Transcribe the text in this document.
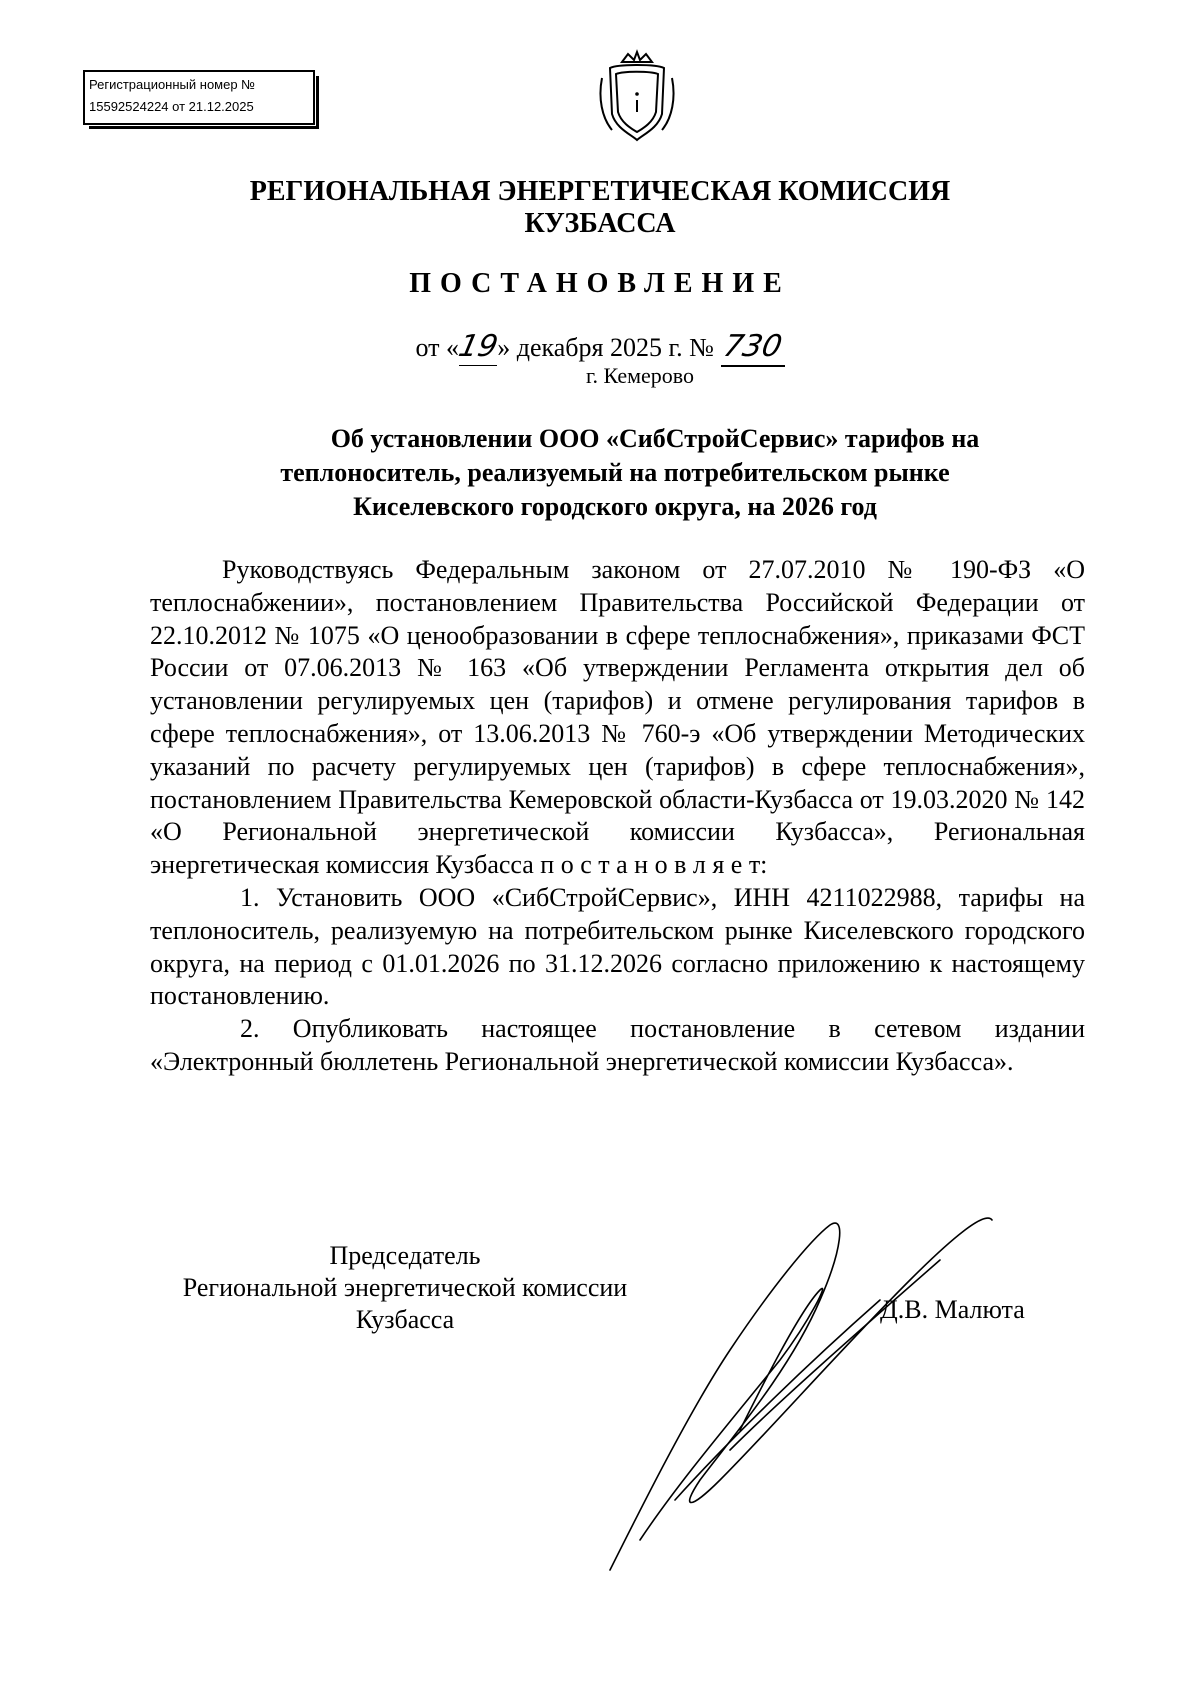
Регистрационный номер №
15592524224 от 21.12.2025
РЕГИОНАЛЬНАЯ ЭНЕРГЕТИЧЕСКАЯ КОМИССИЯ
КУЗБАССА
ПОСТАНОВЛЕНИЕ
от «19» декабря 2025 г. № 730
г. Кемерово
Об установлении ООО «СибСтройСервис» тарифов на
теплоноситель, реализуемый на потребительском рынке
Киселевского городского округа, на 2026 год

Руководствуясь Федеральным законом от 27.07.2010 № 190-ФЗ «О теплоснабжении», постановлением Правительства Российской Федерации от 22.10.2012 № 1075 «О ценообразовании в сфере теплоснабжения», приказами ФСТ России от 07.06.2013 № 163 «Об утверждении Регламента открытия дел об установлении регулируемых цен (тарифов) и отмене регулирования тарифов в сфере теплоснабжения», от 13.06.2013 № 760-э «Об утверждении Методических указаний по расчету регулируемых цен (тарифов) в сфере теплоснабжения», постановлением Правительства Кемеровской области-Кузбасса от 19.03.2020 № 142 «О Региональной энергетической комиссии Кузбасса», Региональная энергетическая комиссия Кузбасса п о с т а н о в л я е т:

1. Установить ООО «СибСтройСервис», ИНН 4211022988, тарифы на теплоноситель, реализуемую на потребительском рынке Киселевского городского округа, на период с 01.01.2026 по 31.12.2026 согласно приложению к настоящему постановлению.

2. Опубликовать настоящее постановление в сетевом издании «Электронный бюллетень Региональной энергетической комиссии Кузбасса».

Председатель
Региональной энергетической комиссии
Кузбасса	Д.В. Малюта
